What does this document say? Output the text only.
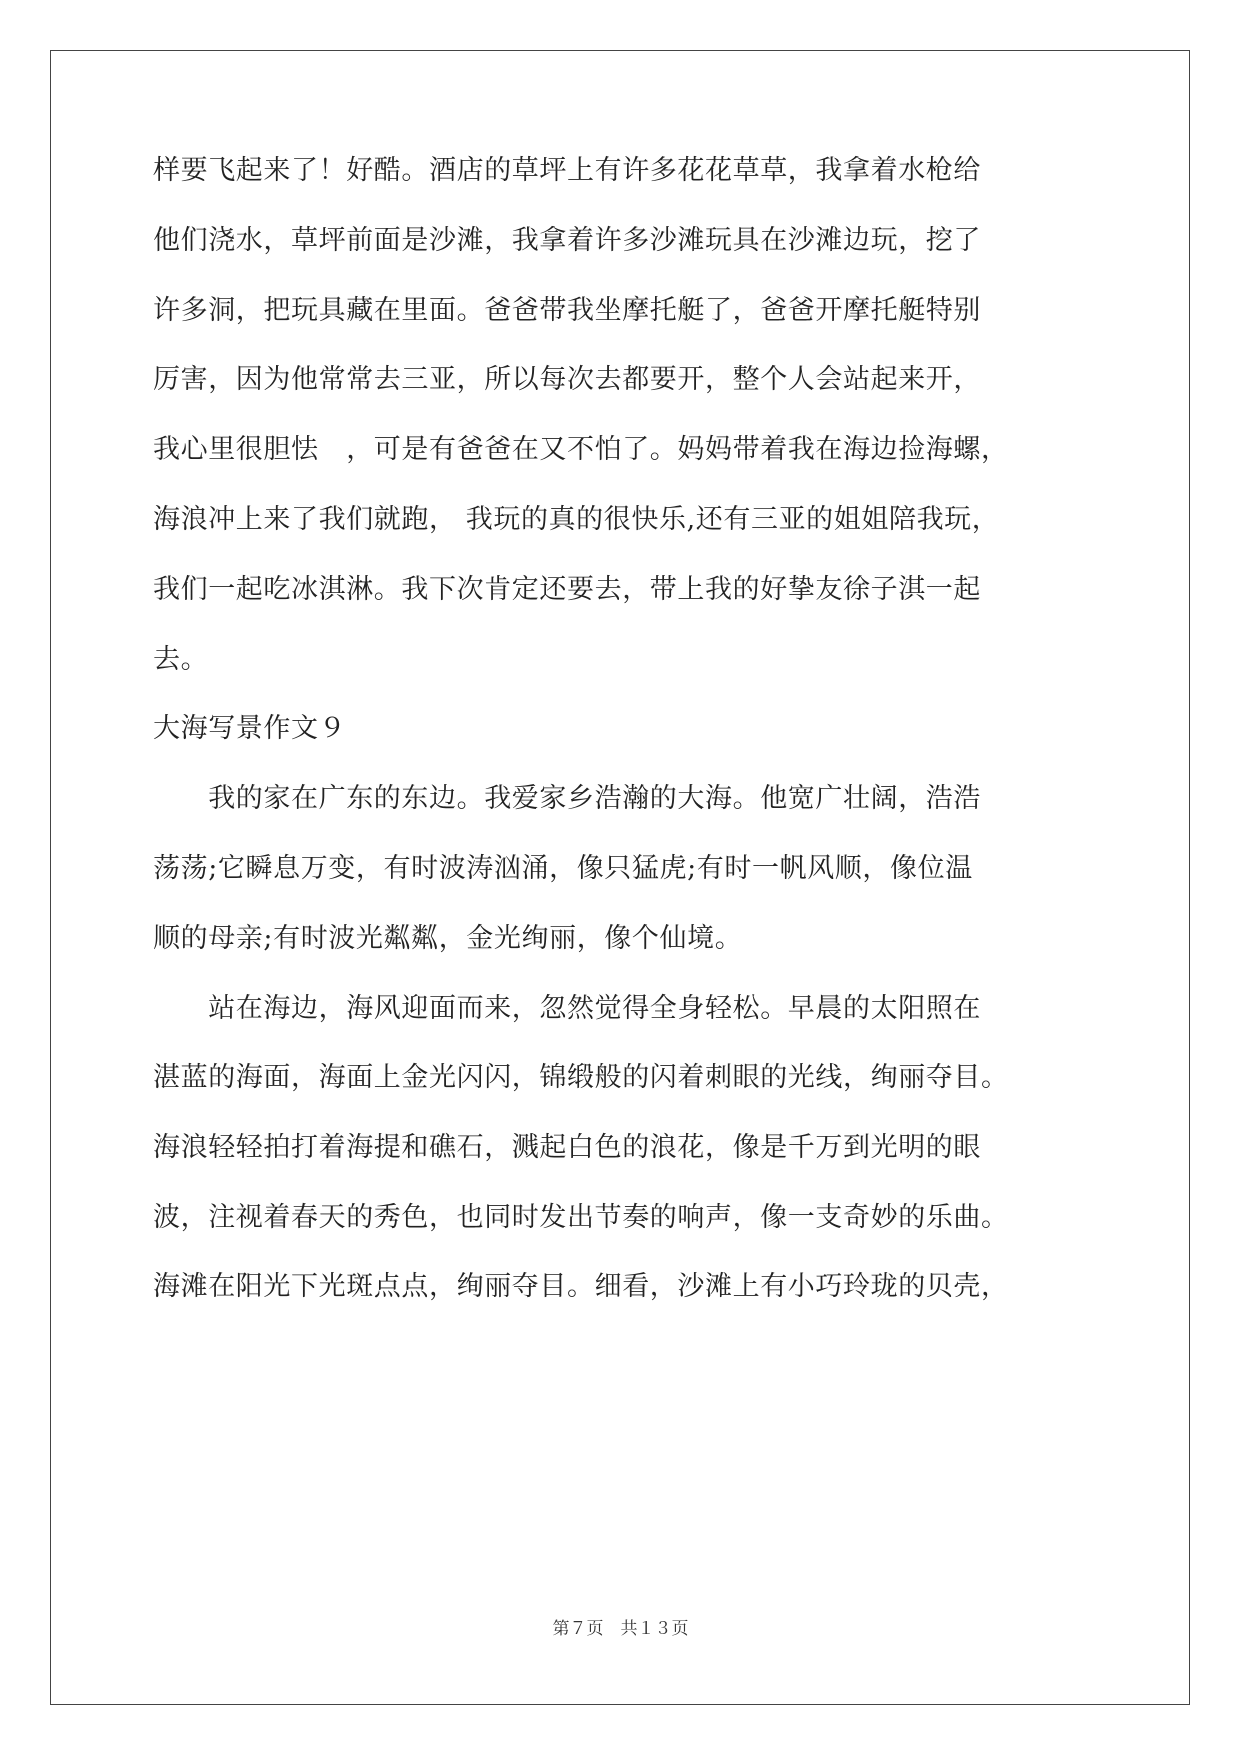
样要飞起来了！好酷。酒店的草坪上有许多花花草草，我拿着水枪给
他们浇水，草坪前面是沙滩，我拿着许多沙滩玩具在沙滩边玩，挖了
许多洞，把玩具藏在里面。爸爸带我坐摩托艇了，爸爸开摩托艇特别
厉害，因为他常常去三亚，所以每次去都要开，整个人会站起来开，
我心里很胆怯　，可是有爸爸在又不怕了。妈妈带着我在海边捡海螺，
海浪冲上来了我们就跑， 我玩的真的很快乐,还有三亚的姐姐陪我玩，
我们一起吃冰淇淋。我下次肯定还要去，带上我的好挚友徐子淇一起
去。
大海写景作文９
　　我的家在广东的东边。我爱家乡浩瀚的大海。他宽广壮阔，浩浩
荡荡;它瞬息万变，有时波涛汹涌，像只猛虎;有时一帆风顺，像位温
顺的母亲;有时波光粼粼，金光绚丽，像个仙境。
　　站在海边，海风迎面而来，忽然觉得全身轻松。早晨的太阳照在
湛蓝的海面，海面上金光闪闪，锦缎般的闪着刺眼的光线，绚丽夺目。
海浪轻轻拍打着海提和礁石，溅起白色的浪花，像是千万到光明的眼
波，注视着春天的秀色，也同时发出节奏的响声，像一支奇妙的乐曲。
海滩在阳光下光斑点点，绚丽夺目。细看，沙滩上有小巧玲珑的贝壳，
第７页　共１３页
